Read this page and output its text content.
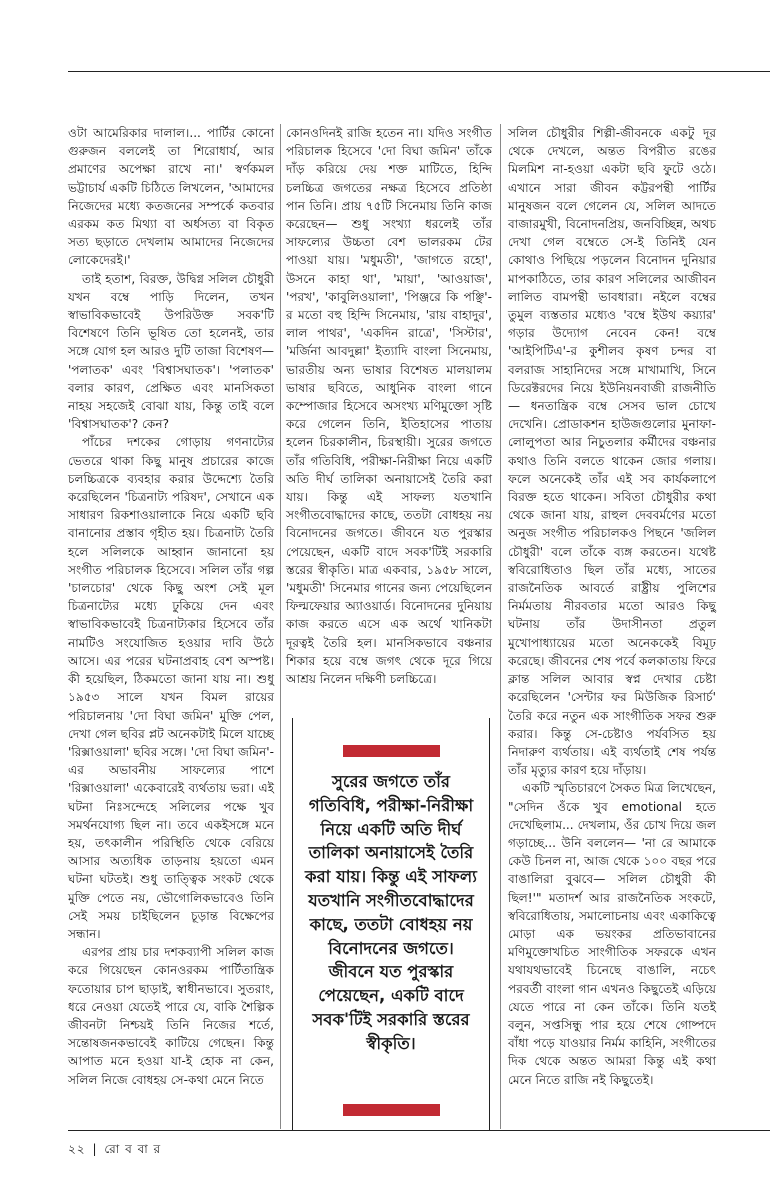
ওটা আমেরিকার দালাল।... পার্টির কোনো গুরুজন বললেই তা শিরোধার্য, আর প্রমাণের অপেক্ষা রাখে না।' স্বর্ণকমল ভট্টাচার্য একটি চিঠিতে লিখলেন, 'আমাদের নিজেদের মধ্যে কতজনের সম্পর্কে কতবার এরকম কত মিথ্যা বা অর্ধসত্য বা বিকৃত সত্য ছড়াতে দেখলাম আমাদের নিজেদের লোকেদেরই।'

তাই হতাশ, বিরক্ত, উদ্বিগ্ন সলিল চৌধুরী যখন বম্বে পাড়ি দিলেন, তখন স্বাভাবিকভাবেই উপরিউক্ত সবক'টি বিশেষণে তিনি ভূষিত তো হলেনই, তার সঙ্গে যোগ হল আরও দুটি তাজা বিশেষণ— 'পলাতক' এবং 'বিশ্বাসঘাতক'। 'পলাতক' বলার কারণ, প্রেক্ষিত এবং মানসিকতা নাহয় সহজেই বোঝা যায়, কিন্তু তাই বলে 'বিশ্বাসঘাতক'? কেন?

পাঁচের দশকের গোড়ায় গণনাট্যের ভেতরে থাকা কিছু মানুষ প্রচারের কাজে চলচ্চিত্রকে ব্যবহার করার উদ্দেশ্যে তৈরি করেছিলেন 'চিত্রনাট্য পরিষদ', সেখানে এক সাধারণ রিকশাওয়ালাকে নিয়ে একটি ছবি বানানোর প্রস্তাব গৃহীত হয়। চিত্রনাট্য তৈরি হলে সলিলকে আহ্বান জানানো হয় সংগীত পরিচালক হিসেবে। সলিল তাঁর গল্প 'চালচোর' থেকে কিছু অংশ সেই মূল চিত্রনাট্যের মধ্যে ঢুকিয়ে দেন এবং স্বাভাবিকভাবেই চিত্রনাট্যকার হিসেবে তাঁর নামটিও সংযোজিত হওয়ার দাবি উঠে আসে। এর পরের ঘটনাপ্রবাহ বেশ অস্পষ্ট। কী হয়েছিল, ঠিকমতো জানা যায় না। শুধু ১৯৫৩ সালে যখন বিমল রায়ের পরিচালনায় 'দো বিঘা জমিন' মুক্তি পেল, দেখা গেল ছবির প্লট অনেকটাই মিলে যাচ্ছে 'রিক্সাওয়ালা' ছবির সঙ্গে। 'দো বিঘা জমিন'-এর অভাবনীয় সাফল্যের পাশে 'রিক্সাওয়ালা' একেবারেই ব্যর্থতায় ভরা। এই ঘটনা নিঃসন্দেহে সলিলের পক্ষে খুব সমর্থনযোগ্য ছিল না। তবে একইসঙ্গে মনে হয়, তৎকালীন পরিস্থিতি থেকে বেরিয়ে আসার অত্যধিক তাড়নায় হয়তো এমন ঘটনা ঘটতই। শুধু তাত্ত্বিক সংকট থেকে মুক্তি পেতে নয়, ভৌগোলিকভাবেও তিনি সেই সময় চাইছিলেন চূড়ান্ত বিক্ষেপের সন্ধান।

এরপর প্রায় চার দশকব্যাপী সলিল কাজ করে গিয়েছেন কোনওরকম পার্টিতান্ত্রিক ফতোয়ার চাপ ছাড়াই, স্বাধীনভাবে। সুতরাং, ধরে নেওয়া যেতেই পারে যে, বাকি শৈল্পিক জীবনটা নিশ্চয়ই তিনি নিজের শর্তে, সন্তোষজনকভাবেই কাটিয়ে গেছেন। কিন্তু আপাত মনে হওয়া যা-ই হোক না কেন, সলিল নিজে বোধহয় সে-কথা মেনে নিতে

কোনওদিনই রাজি হতেন না। যদিও সংগীত পরিচালক হিসেবে 'দো বিঘা জমিন' তাঁকে দাঁড় করিয়ে দেয় শক্ত মাটিতে, হিন্দি চলচ্চিত্র জগতের নক্ষত্র হিসেবে প্রতিষ্ঠা পান তিনি। প্রায় ৭৫টি সিনেমায় তিনি কাজ করেছেন— শুধু সংখ্যা ধরলেই তাঁর সাফল্যের উচ্চতা বেশ ভালরকম টের পাওয়া যায়। 'মধুমতী', 'জাগতে রহো', উসনে কাহা থা', 'মায়া', 'আওয়াজ', 'পরখ', 'কাবুলিওয়ালা', 'পিঞ্জরে কি পঞ্ছি'-র মতো বহু হিন্দি সিনেমায়, 'রায় বাহাদুর', লাল পাথর', 'একদিন রাত্রে', 'সিস্টার', 'মর্জিনা আবদুল্লা' ইত্যাদি বাংলা সিনেমায়, ভারতীয় অন্য ভাষার বিশেষত মালয়ালম ভাষার ছবিতে, আধুনিক বাংলা গানে কম্পোজার হিসেবে অসংখ্য মণিমুক্তো সৃষ্টি করে গেলেন তিনি, ইতিহাসের পাতায় হলেন চিরকালীন, চিরস্থায়ী। সুরের জগতে তাঁর গতিবিধি, পরীক্ষা-নিরীক্ষা নিয়ে একটি অতি দীর্ঘ তালিকা অনায়াসেই তৈরি করা যায়। কিন্তু এই সাফল্য যতখানি সংগীতবোদ্ধাদের কাছে, ততটা বোধহয় নয় বিনোদনের জগতে। জীবনে যত পুরস্কার পেয়েছেন, একটি বাদে সবক'টিই সরকারি স্তরের স্বীকৃতি। মাত্র একবার, ১৯৫৮ সালে, 'মধুমতী' সিনেমার গানের জন্য পেয়েছিলেন ফিল্মফেয়ার অ্যাওয়ার্ড। বিনোদনের দুনিয়ায় কাজ করতে এসে এক অর্থে খানিকটা দূরত্বই তৈরি হল। মানসিকভাবে বঞ্চনার শিকার হয়ে বম্বে জগৎ থেকে দূরে গিয়ে আশ্রয় নিলেন দক্ষিণী চলচ্চিত্রে।

সলিল চৌধুরীর শিল্পী-জীবনকে একটু দূর থেকে দেখলে, অন্তত বিপরীত রঙের মিলমিশ না-হওয়া একটা ছবি ফুটে ওঠে। এখানে সারা জীবন কট্টরপন্থী পার্টির মানুষজন বলে গেলেন যে, সলিল আদতে বাজারমুখী, বিনোদনপ্রিয়, জনবিচ্ছিন্ন, অথচ দেখা গেল বম্বেতে সে-ই তিনিই যেন কোথাও পিছিয়ে পড়লেন বিনোদন দুনিয়ার মাপকাঠিতে, তার কারণ সলিলের আজীবন লালিত বামপন্থী ভাবধারা। নইলে বম্বের তুমুল ব্যস্ততার মধ্যেও 'বম্বে ইউথ কয়্যার' গড়ার উদ্যোগ নেবেন কেন! বম্বে 'আইপিটিএ'-র কুশীলব কৃষণ চন্দর বা বলরাজ সাহানিদের সঙ্গে মাখামাখি, সিনে ডিরেক্টরদের নিয়ে ইউনিয়নবাজী রাজনীতি— ধনতান্ত্রিক বম্বে সেসব ভাল চোখে দেখেনি। প্রোডাকশন হাউজগুলোর মুনাফা-লোলুপতা আর নিচুতলার কর্মীদের বঞ্চনার কথাও তিনি বলতে থাকেন জোর গলায়। ফলে অনেকেই তাঁর এই সব কার্যকলাপে বিরক্ত হতে থাকেন। সবিতা চৌধুরীর কথা থেকে জানা যায়, রাহুল দেববর্মণের মতো অনুজ সংগীত পরিচালকও পিছনে 'জলিল চৌধুরী' বলে তাঁকে ব্যঙ্গ করতেন। যথেষ্ট স্ববিরোধিতাও ছিল তাঁর মধ্যে, সাতের রাজনৈতিক আবর্তে রাষ্ট্রীয় পুলিশের নির্মমতায় নীরবতার মতো আরও কিছু ঘটনায় তাঁর উদাসীনতা প্রতুল মুখোপাধ্যায়ের মতো অনেককেই বিমূঢ় করেছে। জীবনের শেষ পর্বে কলকাতায় ফিরে ক্লান্ত সলিল আবার স্বপ্ন দেখার চেষ্টা করেছিলেন 'সেন্টার ফর মিউজিক রিসার্চ' তৈরি করে নতুন এক সাংগীতিক সফর শুরু করার। কিন্তু সে-চেষ্টাও পর্যবসিত হয় নিদারুণ ব্যর্থতায়। এই ব্যর্থতাই শেষ পর্যন্ত তাঁর মৃত্যুর কারণ হয়ে দাঁড়ায়।

একটি স্মৃতিচারণে সৈকত মিত্র লিখেছেন, "সেদিন ওঁকে খুব emotional হতে দেখেছিলাম... দেখলাম, ওঁর চোখ দিয়ে জল গড়াচ্ছে... উনি বললেন— 'না রে আমাকে কেউ চিনল না, আজ থেকে ১০০ বছর পরে বাঙালিরা বুঝবে— সলিল চৌধুরী কী ছিল!'" মতাদর্শ আর রাজনৈতিক সংকটে, স্ববিরোধিতায়, সমালোচনায় এবং একাকিত্বে মোড়া এক ভয়ংকর প্রতিভাবানের মণিমুক্তোখচিত সাংগীতিক সফরকে এখন যথাযথভাবেই চিনেছে বাঙালি, নচেৎ পরবর্তী বাংলা গান এখনও কিছুতেই এড়িয়ে যেতে পারে না কেন তাঁকে। তিনি যতই বলুন, সপ্তসিন্ধু পার হয়ে শেষে গোষ্পদে বাঁধা পড়ে যাওয়ার নির্মম কাহিনি, সংগীতের দিক থেকে অন্তত আমরা কিন্তু এই কথা মেনে নিতে রাজি নই কিছুতেই।

সুরের জগতে তাঁর গতিবিধি, পরীক্ষা-নিরীক্ষা নিয়ে একটি অতি দীর্ঘ তালিকা অনায়াসেই তৈরি করা যায়। কিন্তু এই সাফল্য যতখানি সংগীতবোদ্ধাদের কাছে, ততটা বোধহয় নয় বিনোদনের জগতে। জীবনে যত পুরস্কার পেয়েছেন, একটি বাদে সবক'টিই সরকারি স্তরের স্বীকৃতি।
২২ | রো ব বা র
